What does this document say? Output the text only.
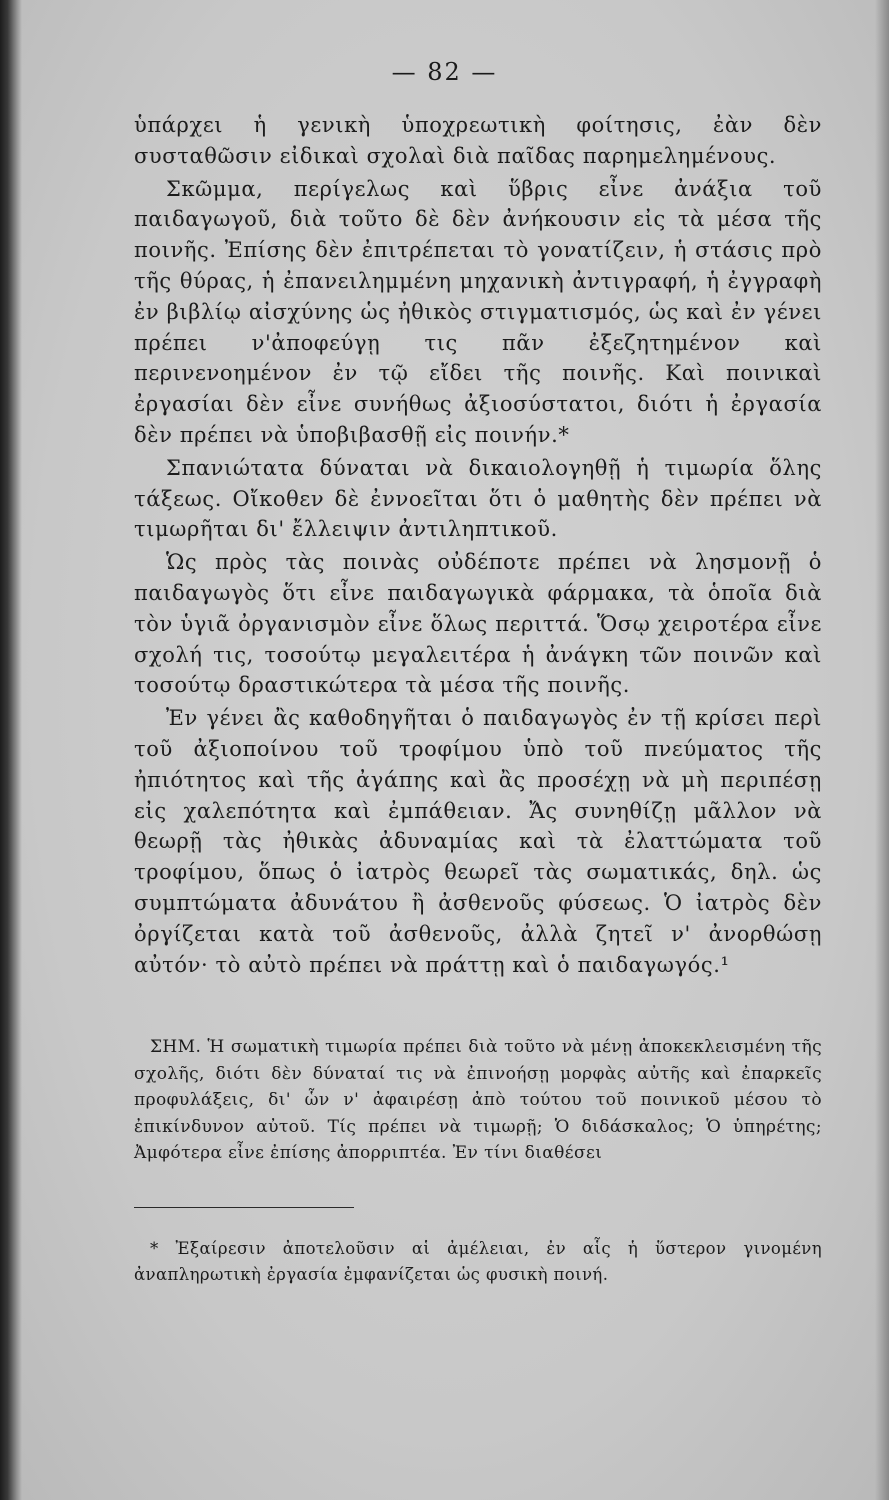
— 82 —

ὑπάρχει ἡ γενικὴ ὑποχρεωτικὴ φοίτησις, ἐὰν δὲν συσταθῶσιν εἰδικαὶ σχολαὶ διὰ παῖδας παρημελημένους.

Σκῶμμα, περίγελως καὶ ὕβρις εἶνε ἀνάξια τοῦ παιδαγωγοῦ, διὰ τοῦτο δὲ δὲν ἀνήκουσιν εἰς τὰ μέσα τῆς ποινῆς. Ἐπίσης δὲν ἐπιτρέπεται τὸ γονατίζειν, ἡ στάσις πρὸ τῆς θύρας, ἡ ἐπανειλημμένη μηχανικὴ ἀντιγραφή, ἡ ἐγγραφὴ ἐν βιβλίῳ αἰσχύνης ὡς ἠθικὸς στιγματισμός, ὡς καὶ ἐν γένει πρέπει ν'ἀποφεύγῃ τις πᾶν ἐξεζητημένον καὶ περινενοημένον ἐν τῷ εἴδει τῆς ποινῆς. Καὶ ποινικαὶ ἐργασίαι δὲν εἶνε συνήθως ἀξιοσύστατοι, διότι ἡ ἐργασία δὲν πρέπει νὰ ὑποβιβασθῇ εἰς ποινήν.*

Σπανιώτατα δύναται νὰ δικαιολογηθῇ ἡ τιμωρία ὅλης τάξεως. Οἴκοθεν δὲ ἐννοεῖται ὅτι ὁ μαθητὴς δὲν πρέπει νὰ τιμωρῆται δι' ἔλλειψιν ἀντιληπτικοῦ.

Ὡς πρὸς τὰς ποινὰς οὐδέποτε πρέπει νὰ λησμονῇ ὁ παιδαγωγὸς ὅτι εἶνε παιδαγωγικὰ φάρμακα, τὰ ὁποῖα διὰ τὸν ὑγιᾶ ὀργανισμὸν εἶνε ὅλως περιττά. Ὅσῳ χειροτέρα εἶνε σχολή τις, τοσούτῳ μεγαλειτέρα ἡ ἀνάγκη τῶν ποινῶν καὶ τοσούτῳ δραστικώτερα τὰ μέσα τῆς ποινῆς.

Ἐν γένει ἂς καθοδηγῆται ὁ παιδαγωγὸς ἐν τῇ κρίσει περὶ τοῦ ἀξιοποίνου τοῦ τροφίμου ὑπὸ τοῦ πνεύματος τῆς ἠπιότητος καὶ τῆς ἀγάπης καὶ ἂς προσέχῃ νὰ μὴ περιπέσῃ εἰς χαλεπότητα καὶ ἐμπάθειαν. Ἄς συνηθίζῃ μᾶλλον νὰ θεωρῇ τὰς ἠθικὰς ἀδυναμίας καὶ τὰ ἐλαττώματα τοῦ τροφίμου, ὅπως ὁ ἰατρὸς θεωρεῖ τὰς σωματικάς, δηλ. ὡς συμπτώματα ἀδυνάτου ἢ ἀσθενοῦς φύσεως. Ὁ ἰατρὸς δὲν ὀργίζεται κατὰ τοῦ ἀσθενοῦς, ἀλλὰ ζητεῖ ν' ἀνορθώσῃ αὐτόν· τὸ αὐτὸ πρέπει νὰ πράττῃ καὶ ὁ παιδαγωγός.¹

ΣΗΜ. Ἡ σωματικὴ τιμωρία πρέπει διὰ τοῦτο νὰ μένῃ ἀποκεκλεισμένη τῆς σχολῆς, διότι δὲν δύναταί τις νὰ ἐπινοήσῃ μορφὰς αὐτῆς καὶ ἐπαρκεῖς προφυλάξεις, δι' ὧν ν' ἀφαιρέσῃ ἀπὸ τούτου τοῦ ποινικοῦ μέσου τὸ ἐπικίνδυνον αὐτοῦ. Τίς πρέπει νὰ τιμωρῇ; Ὁ διδάσκαλος; Ὁ ὑπηρέτης; Ἀμφότερα εἶνε ἐπίσης ἀπορριπτέα. Ἐν τίνι διαθέσει

* Ἐξαίρεσιν ἀποτελοῦσιν αἱ ἀμέλειαι, ἐν αἷς ἡ ὕστερον γινομένη ἀναπληρωτικὴ ἐργασία ἐμφανίζεται ὡς φυσικὴ ποινή.
